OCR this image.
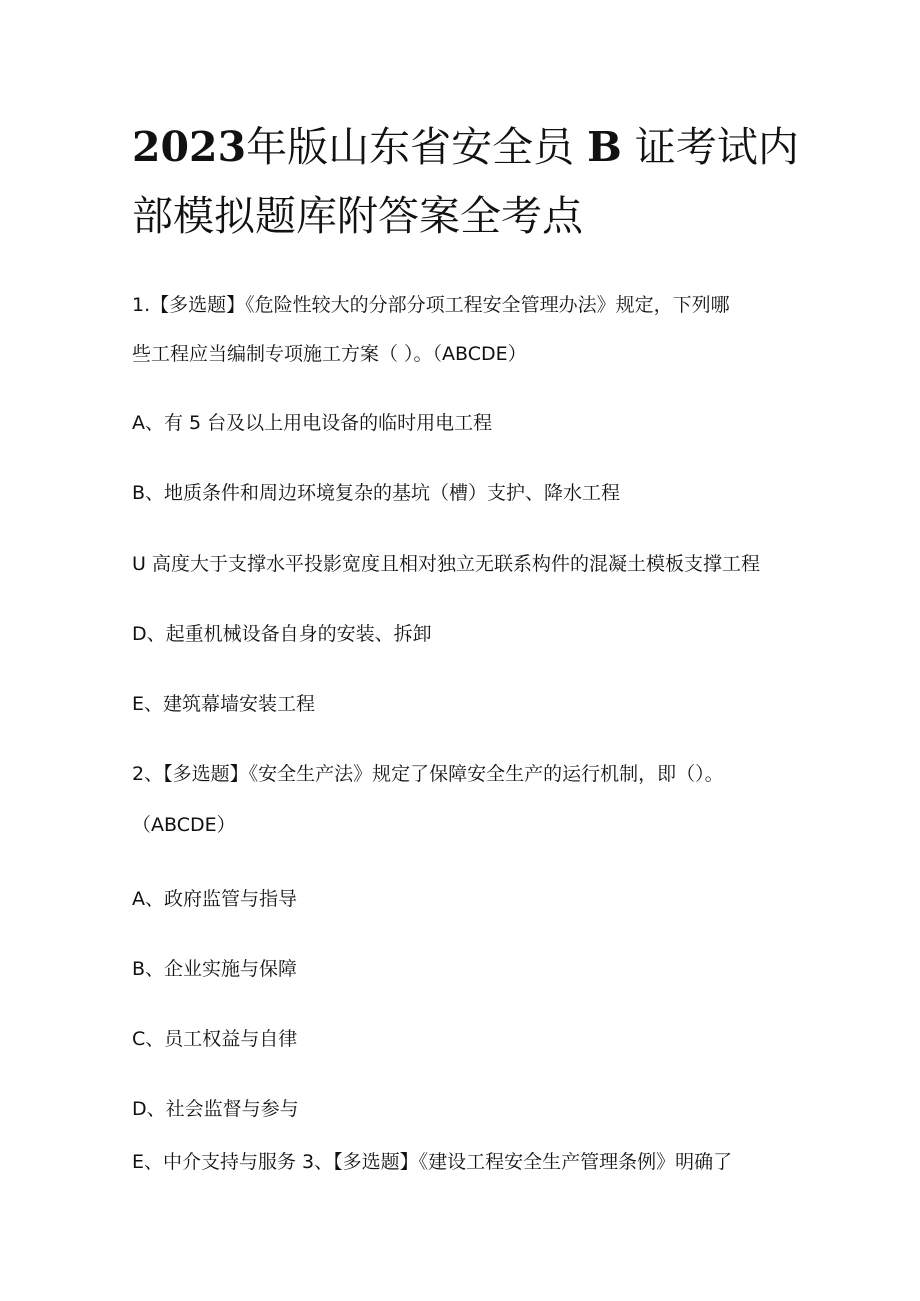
2023年版山东省安全员 B 证考试内
部模拟题库附答案全考点

1.【多选题】《危险性较大的分部分项工程安全管理办法》规定，下列哪

些工程应当编制专项施工方案（ ）。（ABCDE）

A、有 5 台及以上用电设备的临时用电工程

B、地质条件和周边环境复杂的基坑（槽）支护、降水工程

U 高度大于支撑水平投影宽度且相对独立无联系构件的混凝土模板支撑工程

D、起重机械设备自身的安装、拆卸

E、建筑幕墙安装工程

2、【多选题】《安全生产法》规定了保障安全生产的运行机制，即（）。

（ABCDE）

A、政府监管与指导

B、企业实施与保障

C、员工权益与自律

D、社会监督与参与

E、中介支持与服务 3、【多选题】《建设工程安全生产管理条例》明确了
